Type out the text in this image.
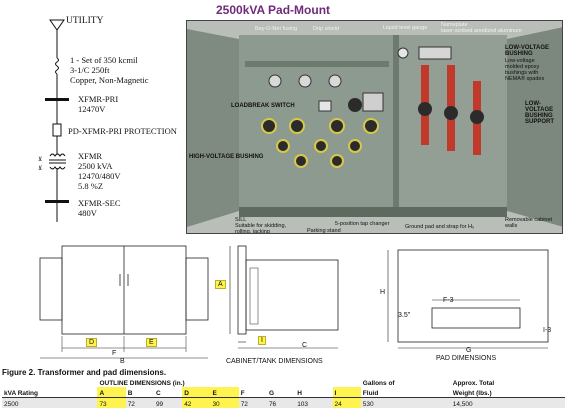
2500kVA Pad-Mount
⊻
⊻
UTILITY
1 - Set of 350 kcmil
3-1/C 250ft
Copper, Non-Magnetic
XFMR-PRI
12470V
PD-XFMR-PRI PROTECTION
XFMR
2500 kVA
12470/480V
5.8 %Z
XFMR-SEC
480V
Bay-O-Net fusing	Drip shield	Liquid level gauge Nameplate
laser-scribed anodized aluminum
LOW-VOLTAGE
BUSHING
Low-voltage
molded epoxy
bushings with
NEMA® spades
LOADBREAK SWITCH	LOW-
VOLTAGE
BUSHING
SUPPORT
HIGH-VOLTAGE BUSHING
SILL
Suitable for skidding,
rolling, jacking
5-position tap changer
Parking stand
Ground pad and strap for H₀
Removable cabinet
walls
D	E
F
B
A
I
C
CABINET/TANK DIMENSIONS
F-3
H
3.5"
I-3
G
PAD DIMENSIONS
Figure 2. Transformer and pad dimensions.
	OUTLINE DIMENSIONS (in.)									Gallons of	Approx. Total
kVA Rating	A	B	C	D	E	F	G	H	I	Fluid	Weight (lbs.)
2500	73	72	99	42	30	72	76	103	24	530	14,500
